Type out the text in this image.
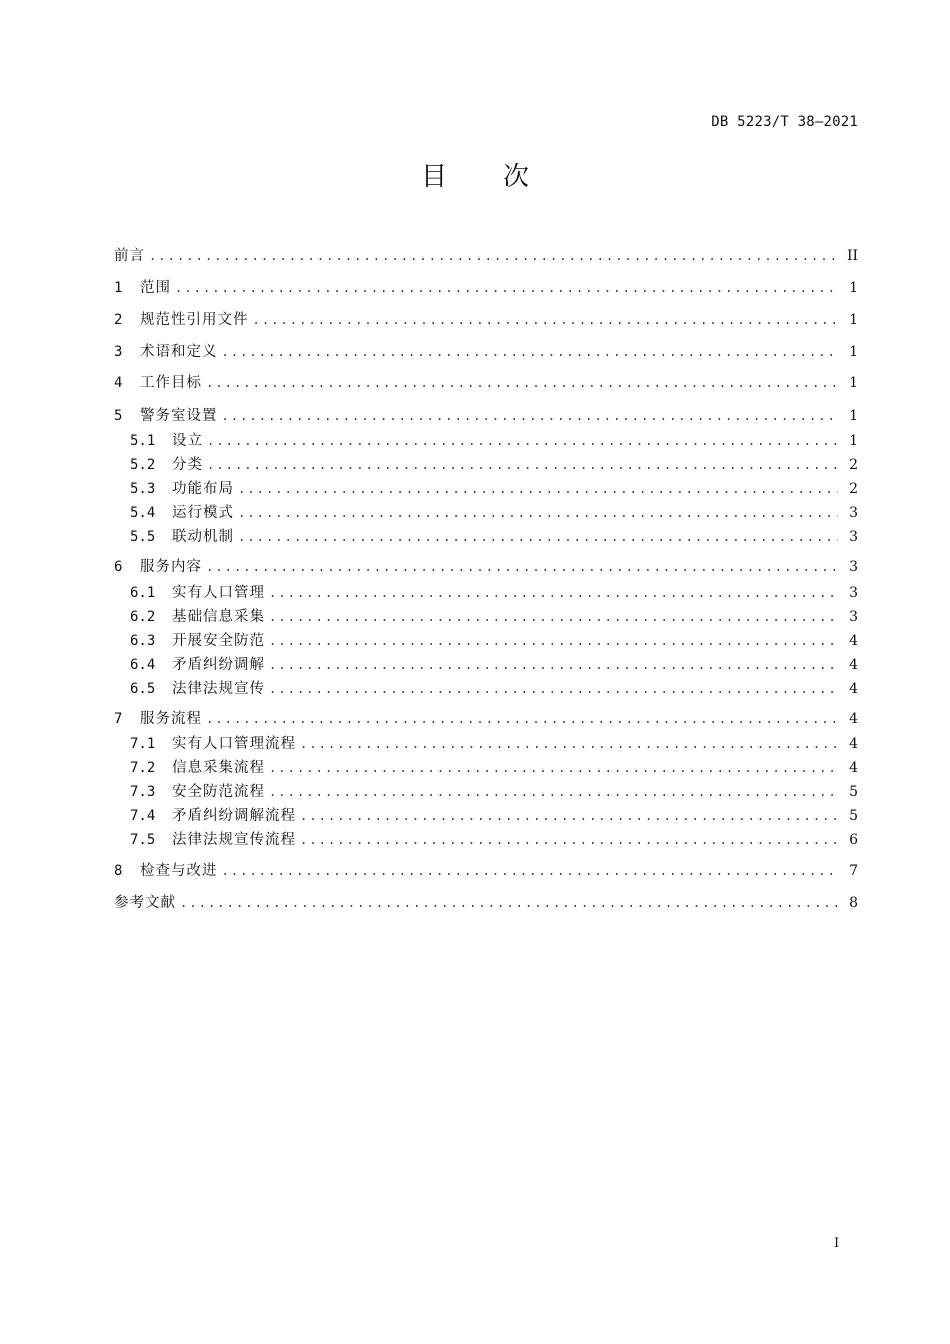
DB 5223/T 38—2021
目次
前言 .....	II
1	范围 .....	1
2	规范性引用文件 .....	1
3	术语和定义 .....	1
4	工作目标 .....	1
5	警务室设置 .....	1
5.1	设立 .....	1
5.2	分类 .....	2
5.3	功能布局 .....	2
5.4	运行模式 .....	3
5.5	联动机制 .....	3
6	服务内容 .....	3
6.1	实有人口管理 .....	3
6.2	基础信息采集 .....	3
6.3	开展安全防范 .....	4
6.4	矛盾纠纷调解 .....	4
6.5	法律法规宣传 .....	4
7	服务流程 .....	4
7.1	实有人口管理流程 .....	4
7.2	信息采集流程 .....	4
7.3	安全防范流程 .....	5
7.4	矛盾纠纷调解流程 .....	5
7.5	法律法规宣传流程 .....	6
8	检查与改进 .....	7
参考文献 .....	8
I
